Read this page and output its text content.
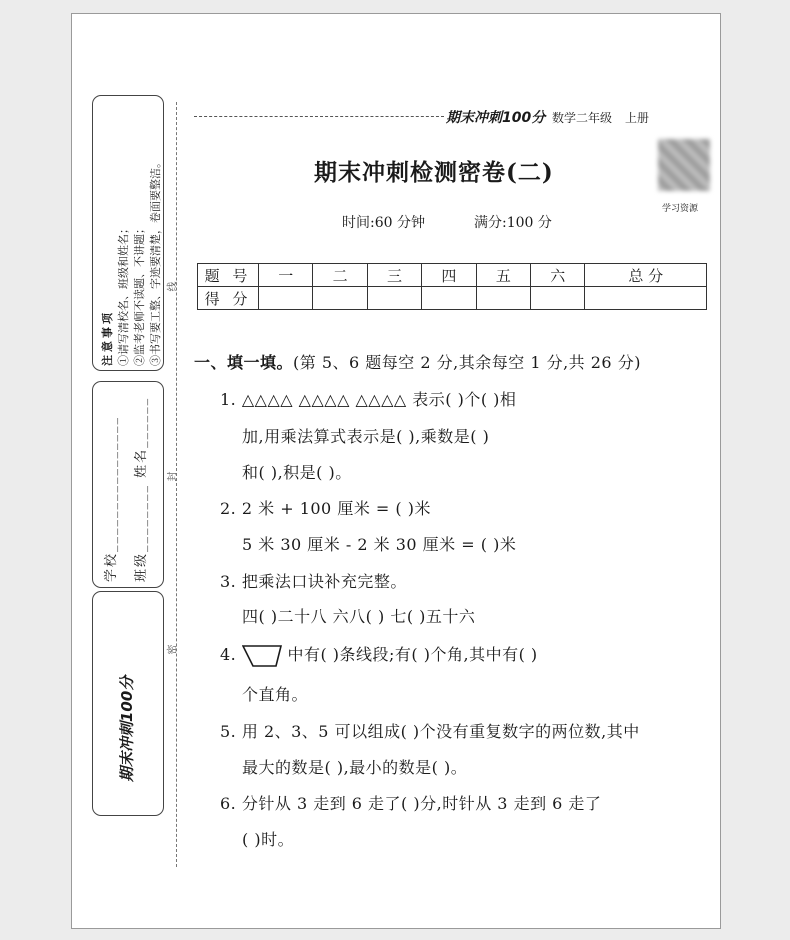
注意事项 ①请写清校名、班级和姓名； ②监考老师不读题、不讲题； ③书写要工整、字迹要清楚，卷面要整洁。
学校________________
班级________ 姓名______
期末冲刺100分
线
封
密
期末冲刺100分 数学二年级 上册
学习资源
期末冲刺检测密卷(二)
时间:60 分钟	满分:100 分
题 号	一	二	三	四	五	六	总 分
得 分							
一、填一填。(第 5、6 题每空 2 分,其余每空 1 分,共 26 分)
1. △△△△ △△△△ △△△△ 表示( )个( )相
加,用乘法算式表示是( ),乘数是( )
和( ),积是( )。
2. 2 米 + 100 厘米 = ( )米
5 米 30 厘米 - 2 米 30 厘米 = ( )米
3. 把乘法口诀补充完整。
四( )二十八 六八( ) 七( )五十六
4.	中有( )条线段;有( )个角,其中有( )
个直角。
5. 用 2、3、5 可以组成( )个没有重复数字的两位数,其中
最大的数是( ),最小的数是( )。
6. 分针从 3 走到 6 走了( )分,时针从 3 走到 6 走了
( )时。
